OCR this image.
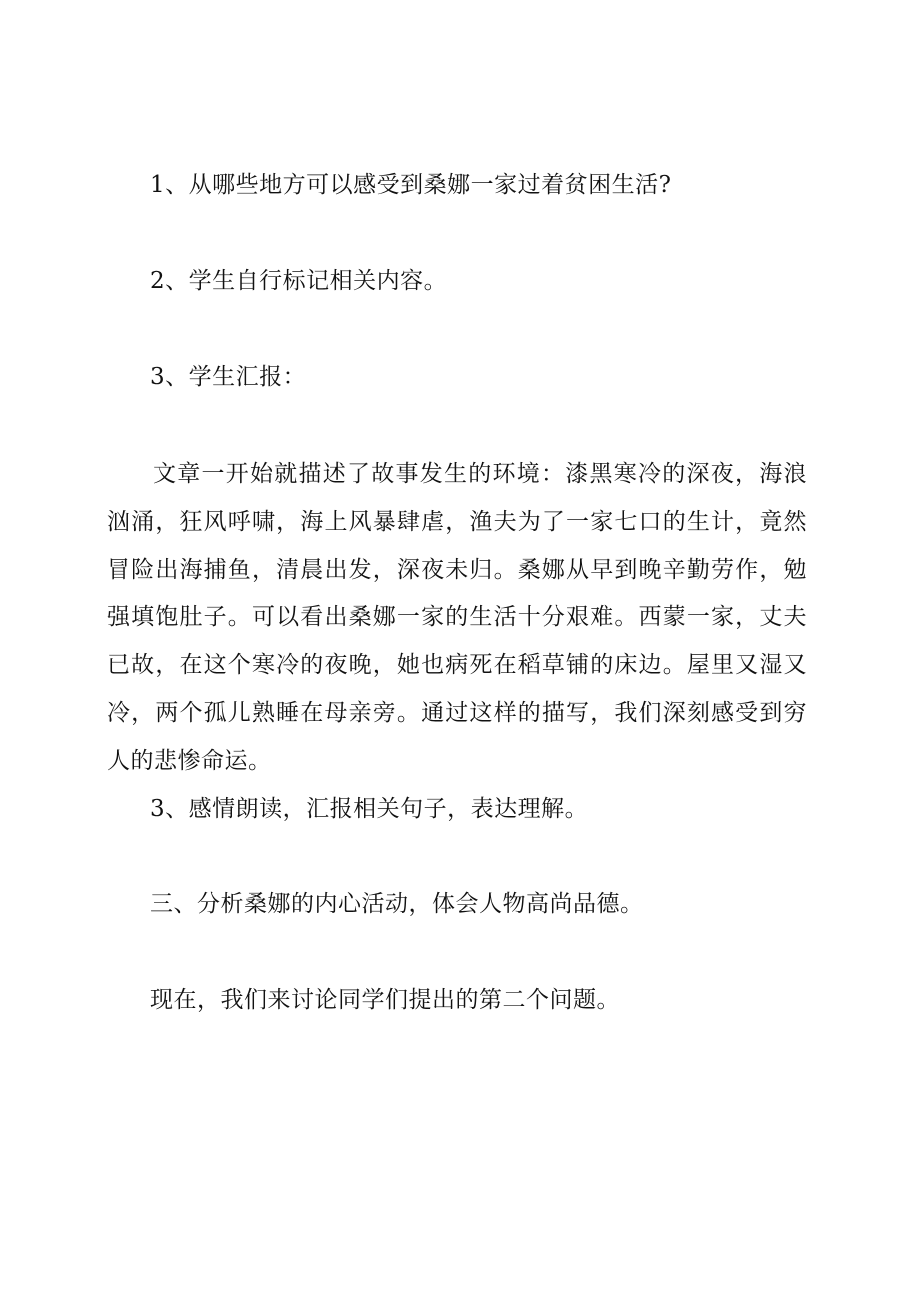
1、从哪些地方可以感受到桑娜一家过着贫困生活?
2、学生自行标记相关内容。
3、学生汇报：
文章一开始就描述了故事发生的环境：漆黑寒冷的深夜，海浪汹涌，狂风呼啸，海上风暴肆虐，渔夫为了一家七口的生计，竟然冒险出海捕鱼，清晨出发，深夜未归。桑娜从早到晚辛勤劳作，勉强填饱肚子。可以看出桑娜一家的生活十分艰难。西蒙一家，丈夫已故，在这个寒冷的夜晚，她也病死在稻草铺的床边。屋里又湿又冷，两个孤儿熟睡在母亲旁。通过这样的描写，我们深刻感受到穷人的悲惨命运。
3、感情朗读，汇报相关句子，表达理解。
三、分析桑娜的内心活动，体会人物高尚品德。
现在，我们来讨论同学们提出的第二个问题。
